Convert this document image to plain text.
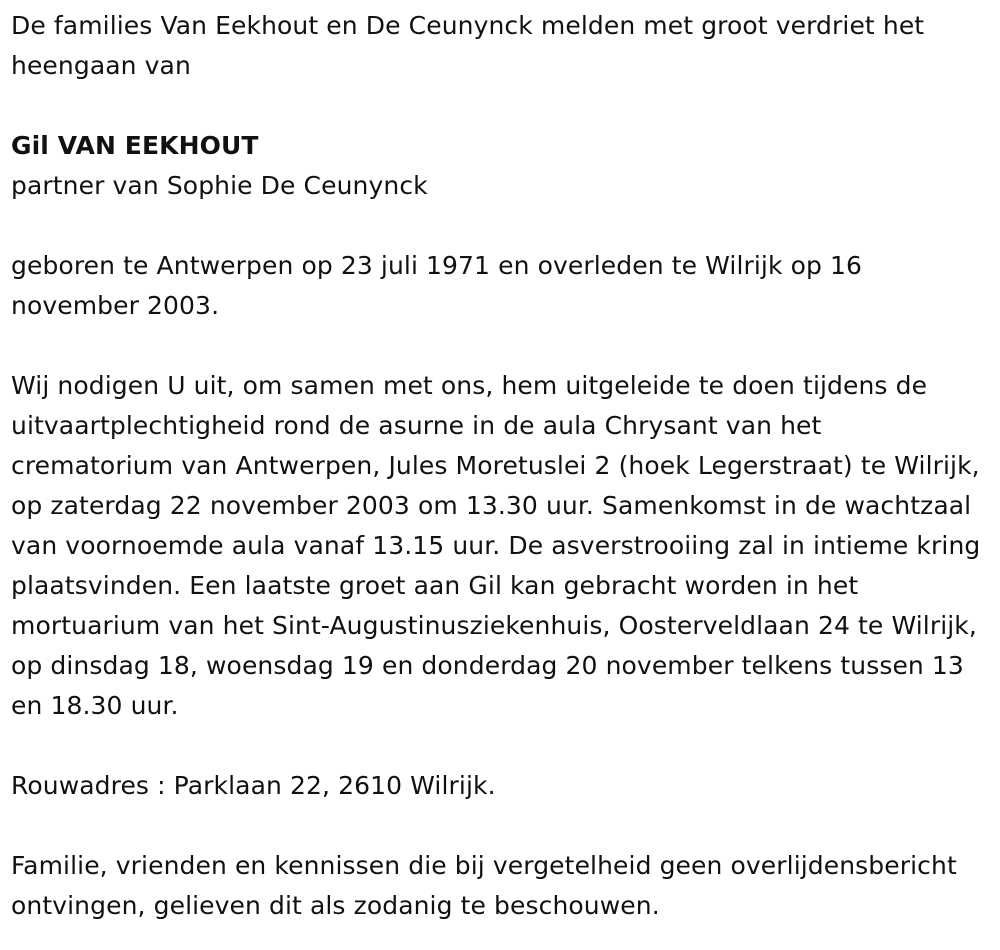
De families Van Eekhout en De Ceunynck melden met groot verdriet het heengaan van

Gil VAN EEKHOUT

partner van Sophie De Ceunynck

geboren te Antwerpen op 23 juli 1971 en overleden te Wilrijk op 16 november 2003.

Wij nodigen U uit, om samen met ons, hem uitgeleide te doen tijdens de uitvaartplechtigheid rond de asurne in de aula Chrysant van het crematorium van Antwerpen, Jules Moretuslei 2 (hoek Legerstraat) te Wilrijk, op zaterdag 22 november 2003 om 13.30 uur. Samenkomst in de wachtzaal van voornoemde aula vanaf 13.15 uur. De asverstrooiing zal in intieme kring plaatsvinden. Een laatste groet aan Gil kan gebracht worden in het mortuarium van het Sint-Augustinusziekenhuis, Oosterveldlaan 24 te Wilrijk, op dinsdag 18, woensdag 19 en donderdag 20 november telkens tussen 13 en 18.30 uur.

Rouwadres : Parklaan 22, 2610 Wilrijk.

Familie, vrienden en kennissen die bij vergetelheid geen overlijdensbericht ontvingen, gelieven dit als zodanig te beschouwen.
